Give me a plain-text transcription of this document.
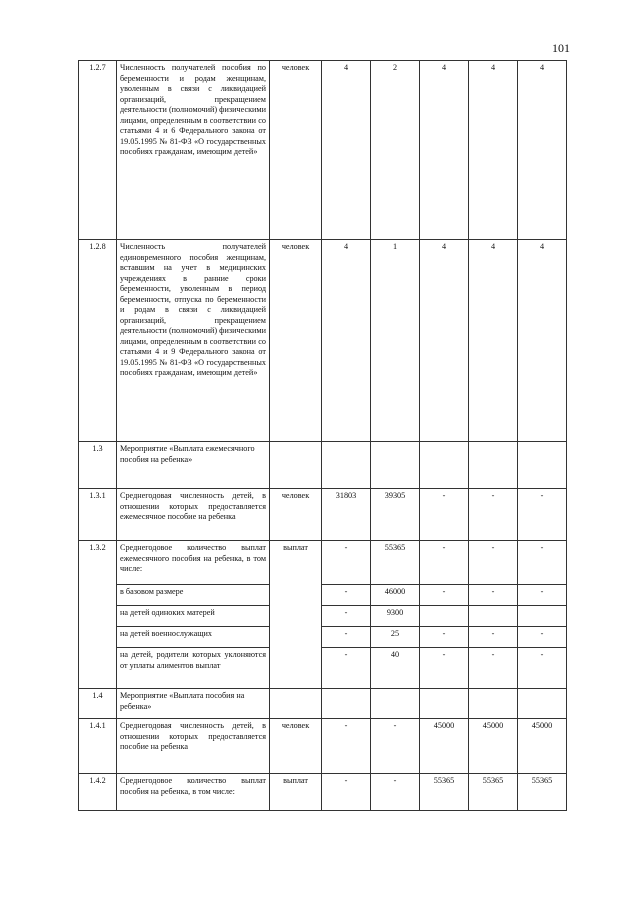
101
1.2.7	Численность получателей пособия по беременности и родам женщинам, уволенным в связи с ликвидацией организаций, прекращением деятельности (полномочий) физическими лицами, определенным в соответствии со статьями 4 и 6 Федерального закона от 19.05.1995 № 81-ФЗ «О государственных пособиях гражданам, имеющим детей»	человек	4	2	4	4	4
1.2.8	Численность получателей единовременного пособия женщинам, вставшим на учет в медицинских учреждениях в ранние сроки беременности, уволенным в период беременности, отпуска по беременности и родам в связи с ликвидацией организаций, прекращением деятельности (полномочий) физическими лицами, определенным в соответствии со статьями 4 и 9 Федерального закона от 19.05.1995 № 81-ФЗ «О государственных пособиях гражданам, имеющим детей»	человек	4	1	4	4	4
1.3	Мероприятие «Выплата ежемесячного пособия на ребенка»						
1.3.1	Среднегодовая численность детей, в отношении которых предоставляется ежемесячное пособие на ребенка	человек	31803	39305	-	-	-
1.3.2	Среднегодовое количество выплат ежемесячного пособия на ребенка, в том числе:	выплат	-	55365	-	-	-
	в базовом размере		-	46000	-	-	-
	на детей одиноких матерей		-	9300			
	на детей военнослужащих		-	25	-	-	-
	на детей, родители которых уклоняются от уплаты алиментов выплат		-	40	-	-	-
1.4	Мероприятие «Выплата пособия на ребенка»						
1.4.1	Среднегодовая численность детей, в отношении которых предоставляется пособие на ребенка	человек	-	-	45000	45000	45000
1.4.2	Среднегодовое количество выплат пособия на ребенка, в том числе:	выплат	-	-	55365	55365	55365
